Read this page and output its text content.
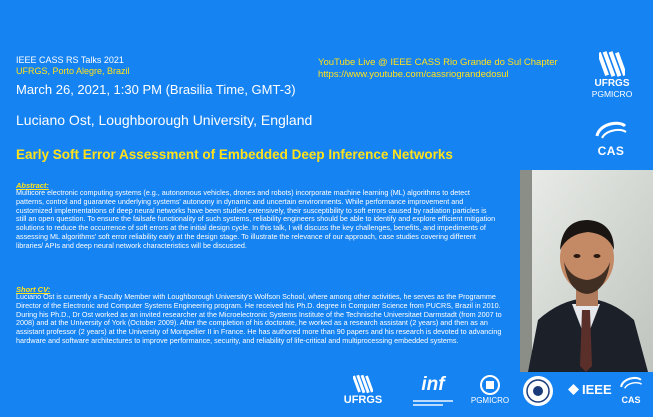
IEEE CASS RS Talks 2021
UFRGS, Porto Alegre, Brazil
March 26, 2021, 1:30 PM (Brasilia Time, GMT-3)
Luciano Ost, Loughborough University, England
Early Soft Error Assessment of Embedded Deep Inference Networks
YouTube Live @ IEEE CASS Rio Grande do Sul Chapter
https://www.youtube.com/cassriograndedosul
Abstract:
Multicore electronic computing systems (e.g., autonomous vehicles, drones and robots) incorporate machine learning (ML) algorithms to detect patterns, control and guarantee underlying systems' autonomy in dynamic and uncertain environments. While performance improvement and customized implementations of deep neural networks have been studied extensively, their susceptibility to soft errors caused by radiation particles is still an open question. To ensure the failsafe functionality of such systems, reliability engineers should be able to identify and explore efficient mitigation solutions to reduce the occurrence of soft errors at the initial design cycle. In this talk, I will discuss the key challenges, benefits, and impediments of assessing ML algorithms' soft error reliability early at the design stage. To illustrate the relevance of our approach, case studies covering different libraries/ APIs and deep neural network characteristics will be discussed.
Short CV:
Luciano Ost is currently a Faculty Member with Loughborough University's Wolfson School, where among other activities, he serves as the Programme Director of the Electronic and Computer Systems Engineering program. He received his Ph.D. degree in Computer Science from PUCRS, Brazil in 2010. During his Ph.D., Dr Ost worked as an invited researcher at the Microelectronic Systems Institute of the Technische Universitaet Darmstadt (from 2007 to 2008) and at the University of York (October 2009). After the completion of his doctorate, he worked as a research assistant (2 years) and then as an assistant professor (2 years) at the University of Montpellier II in France. He has authored more than 90 papers and his research is devoted to advancing hardware and software architectures to improve performance, security, and reliability of life-critical and multiprocessing embedded systems.
UFRGS
PGMICRO
CAS
UFRGS
inf
PGMICRO
IEEE
CAS
